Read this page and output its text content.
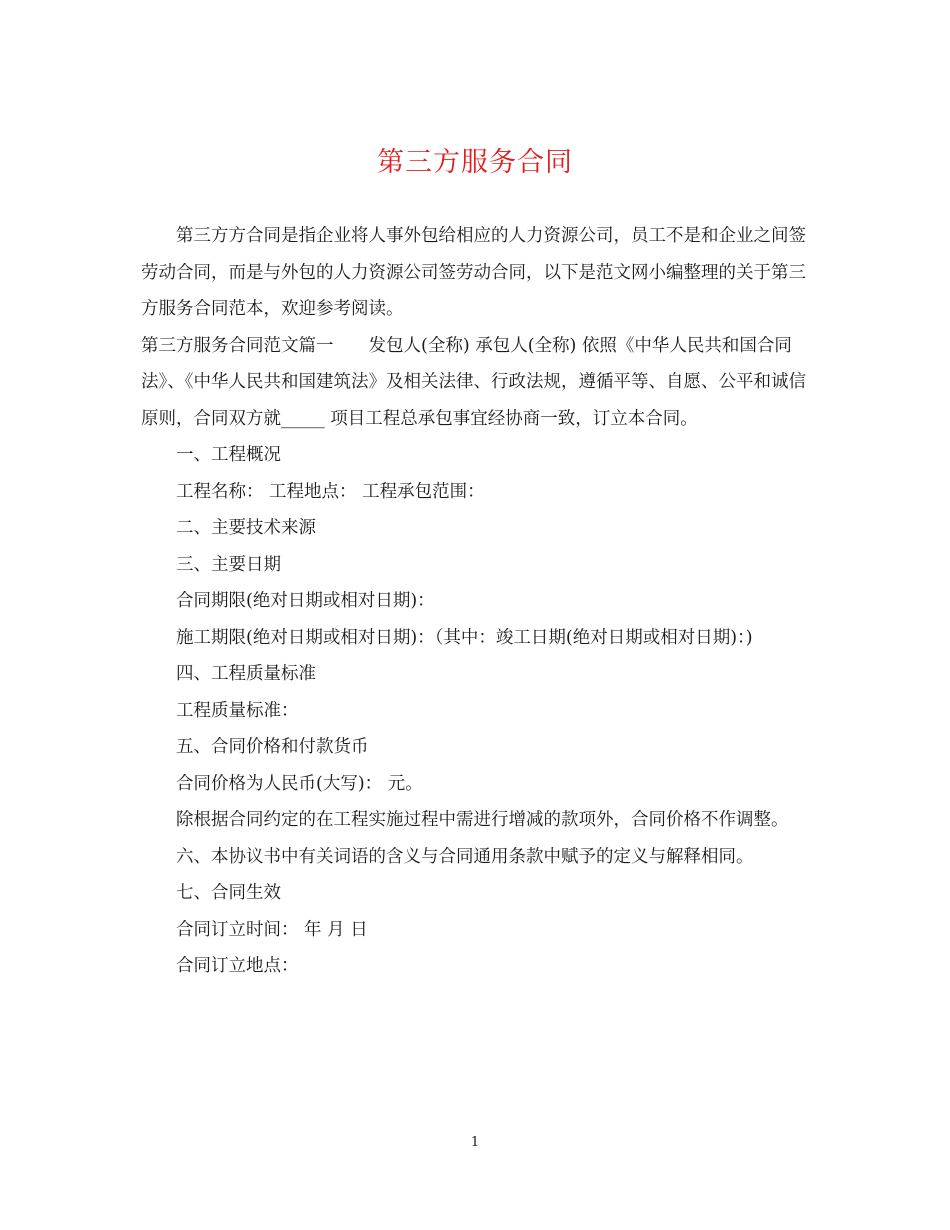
第三方服务合同

第三方方合同是指企业将人事外包给相应的人力资源公司，员工不是和企业之间签劳动合同，而是与外包的人力资源公司签劳动合同，以下是范文网小编整理的关于第三方服务合同范本，欢迎参考阅读。

第三方服务合同范文篇一　　发包人(全称) 承包人(全称) 依照《中华人民共和国合同法》、《中华人民共和国建筑法》及相关法律、行政法规，遵循平等、自愿、公平和诚信原则，合同双方就_____ 项目工程总承包事宜经协商一致，订立本合同。

一、工程概况

工程名称： 工程地点： 工程承包范围：

二、主要技术来源

三、主要日期

合同期限(绝对日期或相对日期)：

施工期限(绝对日期或相对日期)：（其中：竣工日期(绝对日期或相对日期)：)

四、工程质量标准

工程质量标准：

五、合同价格和付款货币

合同价格为人民币(大写)： 元。

除根据合同约定的在工程实施过程中需进行增减的款项外，合同价格不作调整。

六、本协议书中有关词语的含义与合同通用条款中赋予的定义与解释相同。

七、合同生效

合同订立时间： 年 月 日

合同订立地点：

1
